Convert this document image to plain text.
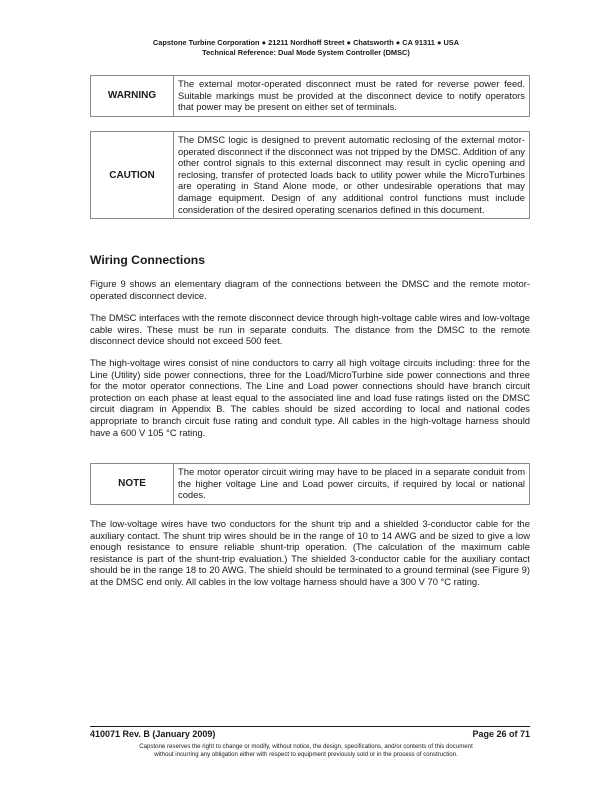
Capstone Turbine Corporation ● 21211 Nordhoff Street ● Chatsworth ● CA 91311 ● USA
Technical Reference: Dual Mode System Controller (DMSC)
WARNING	The external motor-operated disconnect must be rated for reverse power feed. Suitable markings must be provided at the disconnect device to notify operators that power may be present on either set of terminals.
CAUTION	The DMSC logic is designed to prevent automatic reclosing of the external motor-operated disconnect if the disconnect was not tripped by the DMSC. Addition of any other control signals to this external disconnect may result in cyclic opening and reclosing, transfer of protected loads back to utility power while the MicroTurbines are operating in Stand Alone mode, or other undesirable operations that may damage equipment. Design of any additional control functions must include consideration of the desired operating scenarios defined in this document.
Wiring Connections

Figure 9 shows an elementary diagram of the connections between the DMSC and the remote motor-operated disconnect device.

The DMSC interfaces with the remote disconnect device through high-voltage cable wires and low-voltage cable wires. These must be run in separate conduits. The distance from the DMSC to the remote disconnect device should not exceed 500 feet.

The high-voltage wires consist of nine conductors to carry all high voltage circuits including: three for the Line (Utility) side power connections, three for the Load/MicroTurbine side power connections and three for the motor operator connections. The Line and Load power connections should have branch circuit protection on each phase at least equal to the associated line and load fuse ratings listed on the DMSC circuit diagram in Appendix B. The cables should be sized according to local and national codes appropriate to branch circuit fuse rating and conduit type. All cables in the high-voltage harness should have a 600 V 105 °C rating.

NOTE	The motor operator circuit wiring may have to be placed in a separate conduit from the higher voltage Line and Load power circuits, if required by local or national codes.

The low-voltage wires have two conductors for the shunt trip and a shielded 3-conductor cable for the auxiliary contact. The shunt trip wires should be in the range of 10 to 14 AWG and be sized to give a low enough resistance to ensure reliable shunt-trip operation. (The calculation of the maximum cable resistance is part of the shunt-trip evaluation.) The shielded 3-conductor cable for the auxiliary contact should be in the range 18 to 20 AWG. The shield should be terminated to a ground terminal (see Figure 9) at the DMSC end only. All cables in the low voltage harness should have a 300 V 70 °C rating.

410071 Rev. B (January 2009)	Page 26 of 71
Capstone reserves the right to change or modify, without notice, the design, specifications, and/or contents of this document
without incurring any obligation either with respect to equipment previously sold or in the process of construction.
